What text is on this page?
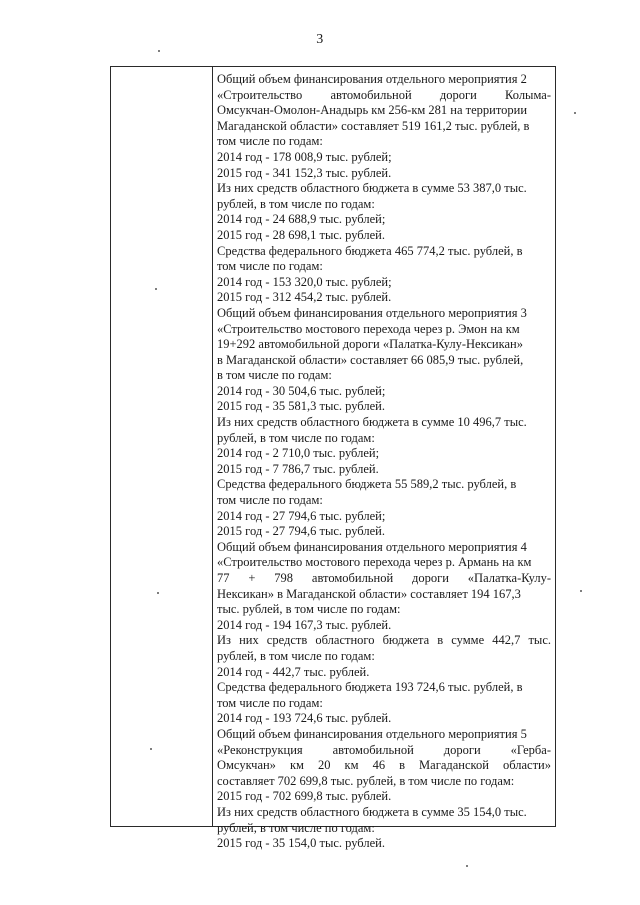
3
Общий объем финансирования отдельного мероприятия 2
«Строительство автомобильной дороги Колыма-
Омсукчан-Омолон-Анадырь км 256-км 281 на территории
Магаданской области» составляет 519 161,2 тыс. рублей, в
том числе по годам:
2014 год - 178 008,9 тыс. рублей;
2015 год - 341 152,3 тыс. рублей.
Из них средств областного бюджета в сумме 53 387,0 тыс.
рублей, в том числе по годам:
2014 год - 24 688,9 тыс. рублей;
2015 год - 28 698,1 тыс. рублей.
Средства федерального бюджета 465 774,2 тыс. рублей, в
том числе по годам:
2014 год - 153 320,0 тыс. рублей;
2015 год - 312 454,2 тыс. рублей.
Общий объем финансирования отдельного мероприятия 3
«Строительство мостового перехода через р. Эмон на км
19+292 автомобильной дороги «Палатка-Кулу-Нексикан»
в Магаданской области» составляет 66 085,9 тыс. рублей,
в том числе по годам:
2014 год - 30 504,6 тыс. рублей;
2015 год - 35 581,3 тыс. рублей.
Из них средств областного бюджета в сумме 10 496,7 тыс.
рублей, в том числе по годам:
2014 год - 2 710,0 тыс. рублей;
2015 год - 7 786,7 тыс. рублей.
Средства федерального бюджета 55 589,2 тыс. рублей, в
том числе по годам:
2014 год - 27 794,6 тыс. рублей;
2015 год - 27 794,6 тыс. рублей.
Общий объем финансирования отдельного мероприятия 4
«Строительство мостового перехода через р. Армань на км
77 + 798 автомобильной дороги «Палатка-Кулу-
Нексикан» в Магаданской области» составляет 194 167,3
тыс. рублей, в том числе по годам:
2014 год - 194 167,3 тыс. рублей.
Из них средств областного бюджета в сумме 442,7 тыс.
рублей, в том числе по годам:
2014 год - 442,7 тыс. рублей.
Средства федерального бюджета 193 724,6 тыс. рублей, в
том числе по годам:
2014 год - 193 724,6 тыс. рублей.
Общий объем финансирования отдельного мероприятия 5
«Реконструкция автомобильной дороги «Герба-
Омсукчан» км 20 км 46 в Магаданской области»
составляет 702 699,8 тыс. рублей, в том числе по годам:
2015 год - 702 699,8 тыс. рублей.
Из них средств областного бюджета в сумме 35 154,0 тыс.
рублей, в том числе по годам:
2015 год - 35 154,0 тыс. рублей.
